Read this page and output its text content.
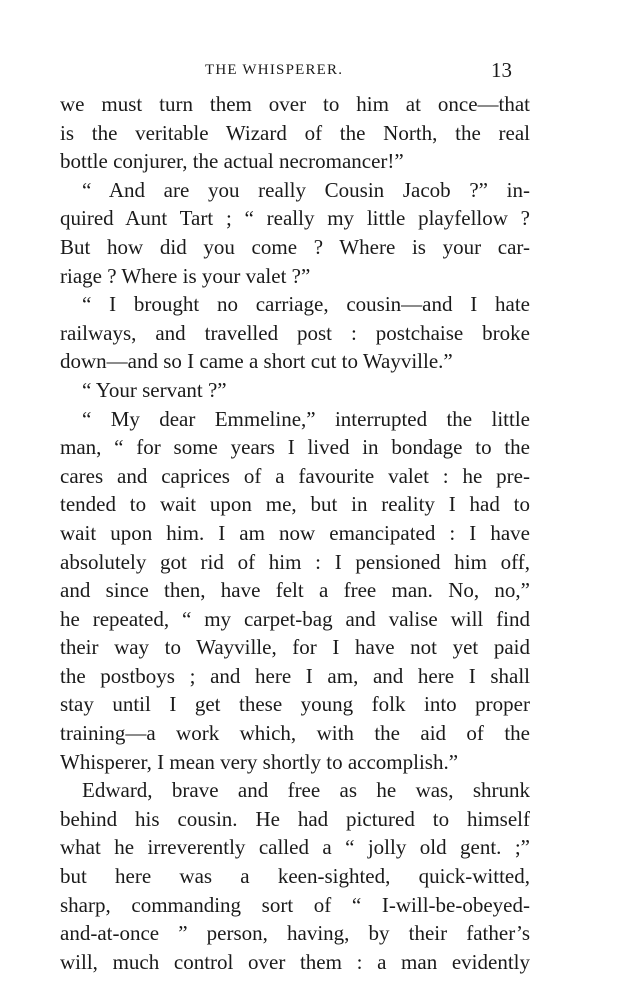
THE WHISPERER.	13
we must turn them over to him at once—that
is the veritable Wizard of the North, the real
bottle conjurer, the actual necromancer!”
“ And are you really Cousin Jacob ?” in-
quired Aunt Tart ; “ really my little playfellow ?
But how did you come ? Where is your car-
riage ? Where is your valet ?”
“ I brought no carriage, cousin—and I hate
railways, and travelled post : postchaise broke
down—and so I came a short cut to Wayville.”
“ Your servant ?”
“ My dear Emmeline,” interrupted the little
man, “ for some years I lived in bondage to the
cares and caprices of a favourite valet : he pre-
tended to wait upon me, but in reality I had to
wait upon him. I am now emancipated : I have
absolutely got rid of him : I pensioned him off,
and since then, have felt a free man. No, no,”
he repeated, “ my carpet-bag and valise will find
their way to Wayville, for I have not yet paid
the postboys ; and here I am, and here I shall
stay until I get these young folk into proper
training—a work which, with the aid of the
Whisperer, I mean very shortly to accomplish.”
Edward, brave and free as he was, shrunk
behind his cousin. He had pictured to himself
what he irreverently called a “ jolly old gent. ;”
but here was a keen-sighted, quick-witted,
sharp, commanding sort of “ I-will-be-obeyed-
and-at-once ” person, having, by their father’s
will, much control over them : a man evidently
